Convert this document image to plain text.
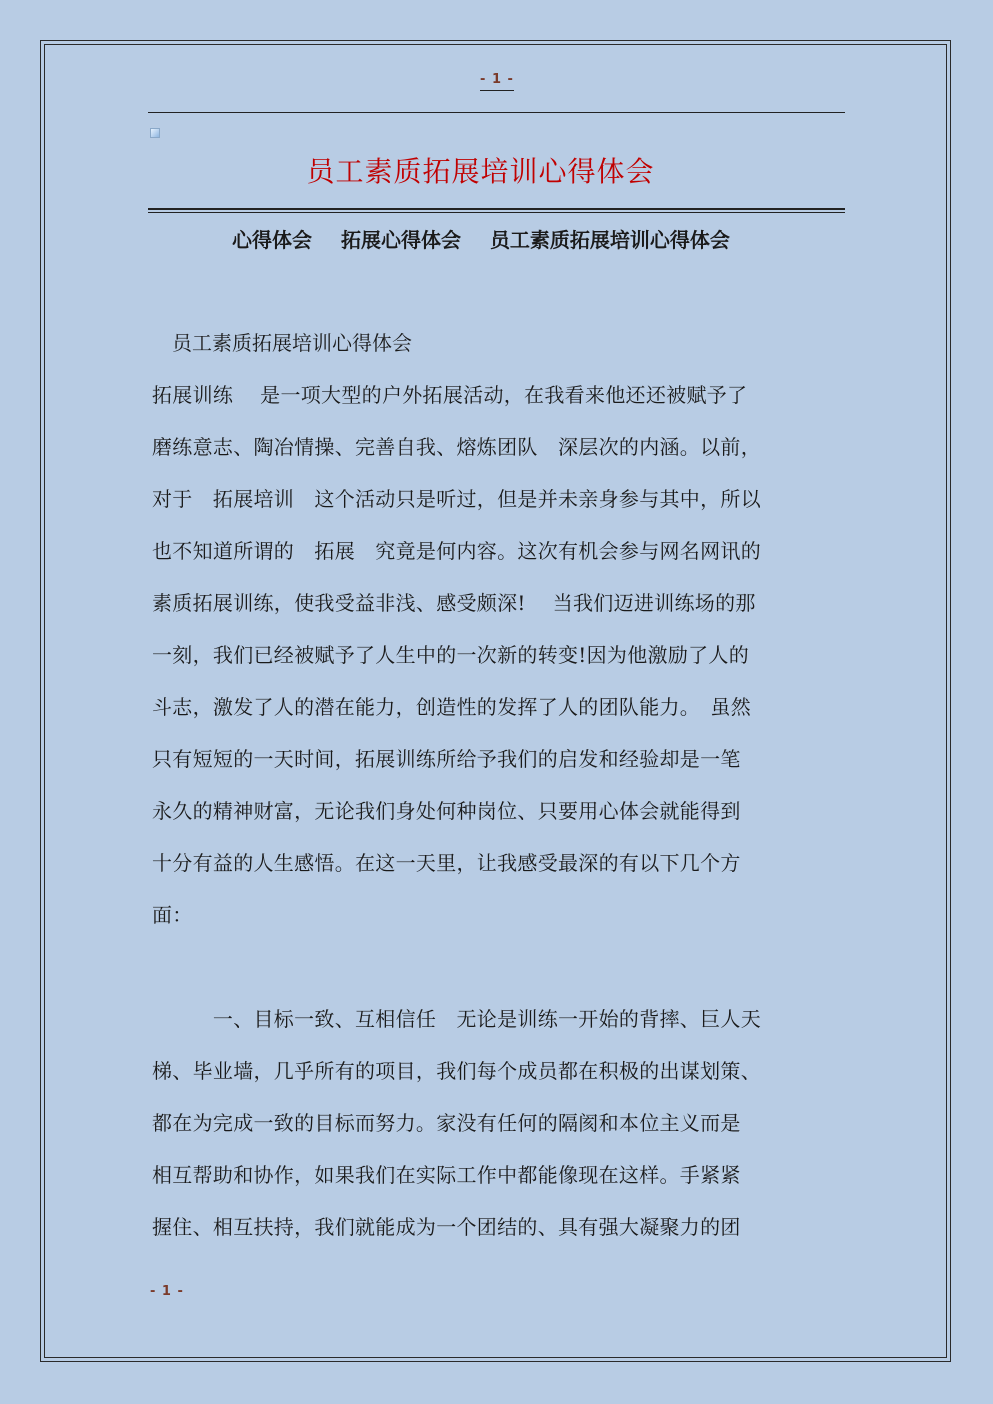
- 1 -
员工素质拓展培训心得体会
心得体会 拓展心得体会 员工素质拓展培训心得体会
员工素质拓展培训心得体会
拓展训练　 是一项大型的户外拓展活动，在我看来他还还被赋予了
磨练意志、陶冶情操、完善自我、熔炼团队　深层次的内涵。以前，
对于　拓展培训　这个活动只是听过，但是并未亲身参与其中，所以
也不知道所谓的　拓展　究竟是何内容。这次有机会参与网名网讯的
素质拓展训练，使我受益非浅、感受颇深!　 当我们迈进训练场的那
一刻，我们已经被赋予了人生中的一次新的转变!因为他激励了人的
斗志，激发了人的潜在能力，创造性的发挥了人的团队能力。　虽然
只有短短的一天时间，拓展训练所给予我们的启发和经验却是一笔
永久的精神财富，无论我们身处何种岗位、只要用心体会就能得到
十分有益的人生感悟。在这一天里，让我感受最深的有以下几个方
面：
　　　一、目标一致、互相信任　无论是训练一开始的背摔、巨人天
梯、毕业墙，几乎所有的项目，我们每个成员都在积极的出谋划策、
都在为完成一致的目标而努力。家没有任何的隔阂和本位主义而是
相互帮助和协作，如果我们在实际工作中都能像现在这样。手紧紧
握住、相互扶持，我们就能成为一个团结的、具有强大凝聚力的团
- 1 -
